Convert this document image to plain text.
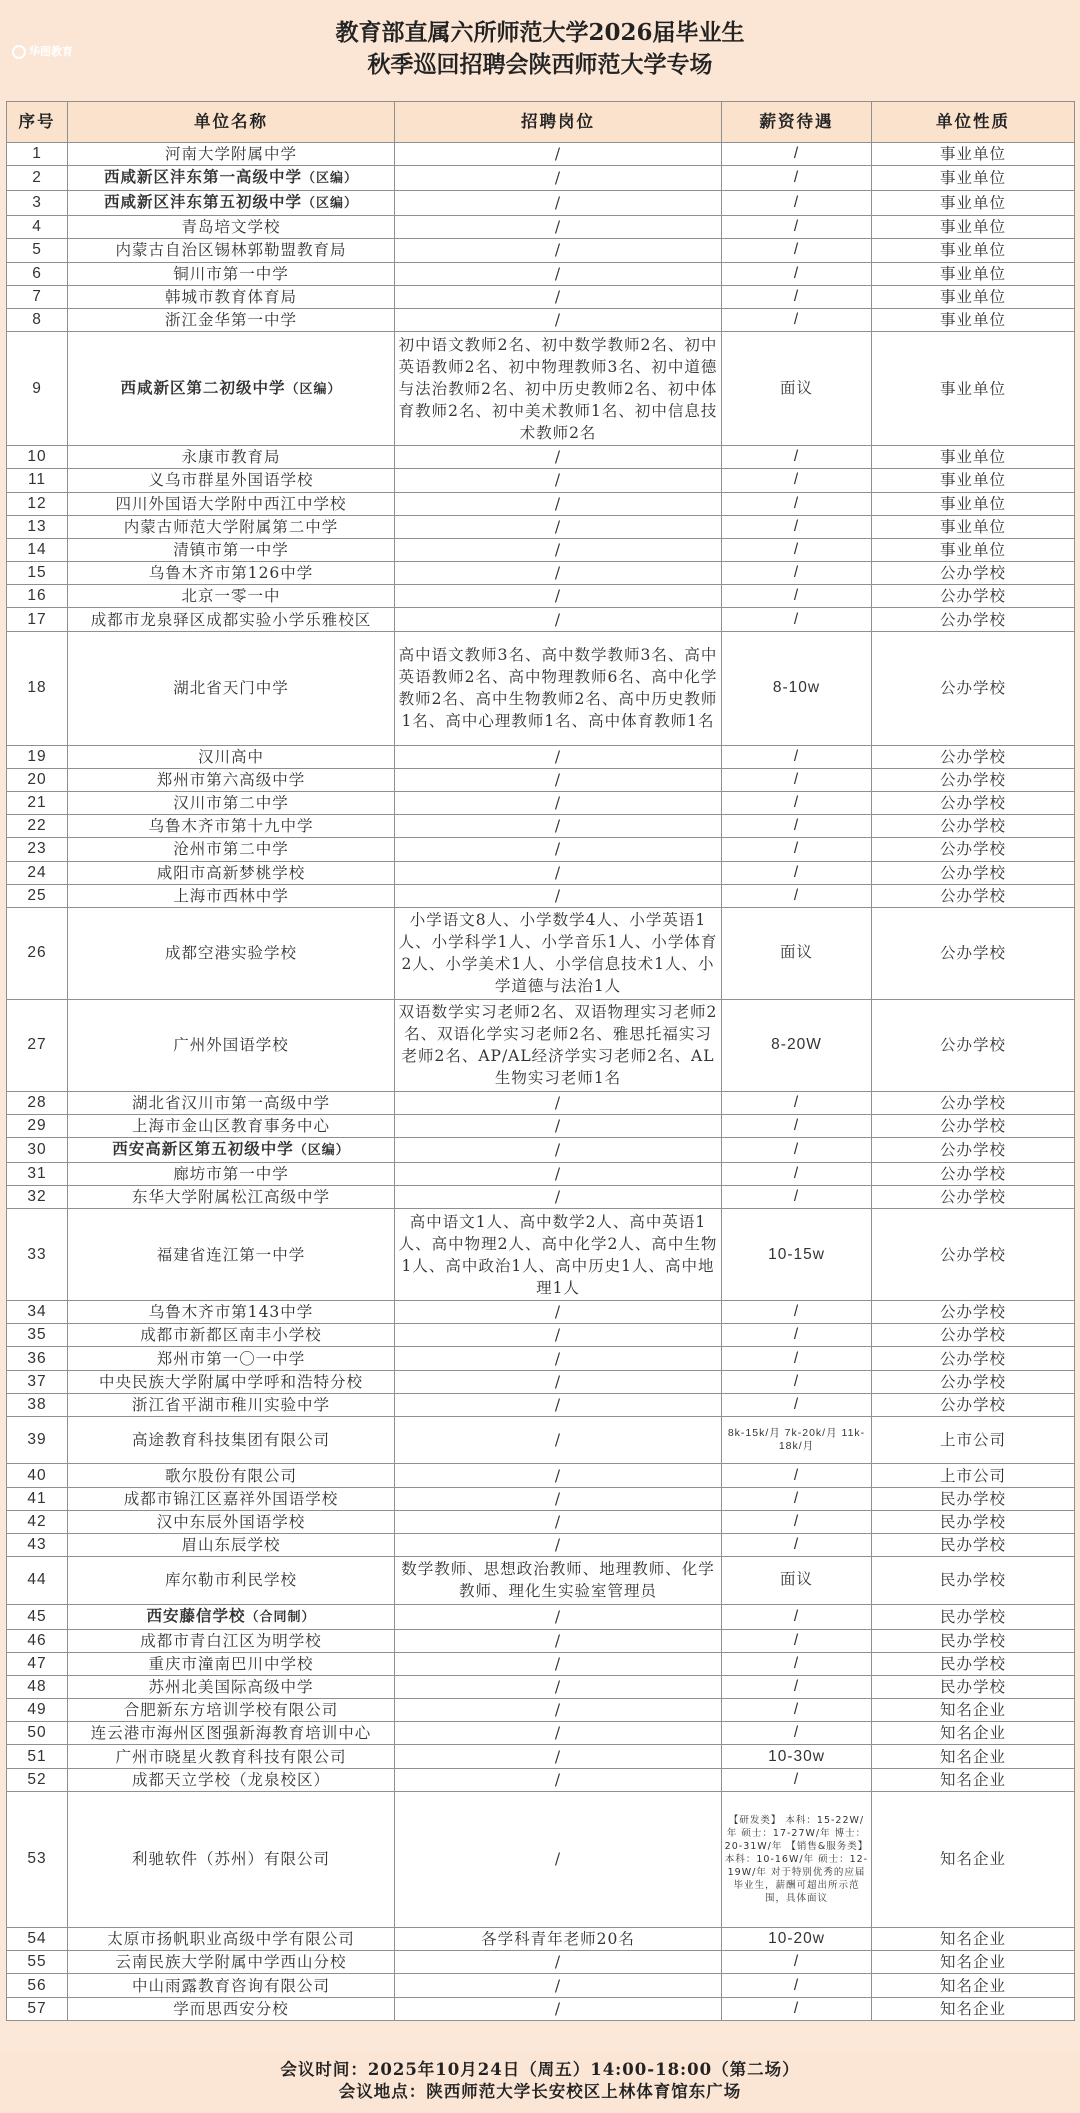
华图教育
教育部直属六所师范大学2026届毕业生
秋季巡回招聘会陕西师范大学专场
序号	单位名称	招聘岗位	薪资待遇	单位性质
1	河南大学附属中学	/	/	事业单位
2	西咸新区沣东第一高级中学（区编）	/	/	事业单位
3	西咸新区沣东第五初级中学（区编）	/	/	事业单位
4	青岛培文学校	/	/	事业单位
5	内蒙古自治区锡林郭勒盟教育局	/	/	事业单位
6	铜川市第一中学	/	/	事业单位
7	韩城市教育体育局	/	/	事业单位
8	浙江金华第一中学	/	/	事业单位
9	西咸新区第二初级中学（区编）	初中语文教师2名、初中数学教师2名、初中英语教师2名、初中物理教师3名、初中道德与法治教师2名、初中历史教师2名、初中体育教师2名、初中美术教师1名、初中信息技术教师2名	面议	事业单位
10	永康市教育局	/	/	事业单位
11	义乌市群星外国语学校	/	/	事业单位
12	四川外国语大学附中西江中学校	/	/	事业单位
13	内蒙古师范大学附属第二中学	/	/	事业单位
14	清镇市第一中学	/	/	事业单位
15	乌鲁木齐市第126中学	/	/	公办学校
16	北京一零一中	/	/	公办学校
17	成都市龙泉驿区成都实验小学乐雅校区	/	/	公办学校
18	湖北省天门中学	高中语文教师3名、高中数学教师3名、高中英语教师2名、高中物理教师6名、高中化学教师2名、高中生物教师2名、高中历史教师1名、高中心理教师1名、高中体育教师1名	8-10w	公办学校
19	汉川高中	/	/	公办学校
20	郑州市第六高级中学	/	/	公办学校
21	汉川市第二中学	/	/	公办学校
22	乌鲁木齐市第十九中学	/	/	公办学校
23	沧州市第二中学	/	/	公办学校
24	咸阳市高新梦桃学校	/	/	公办学校
25	上海市西林中学	/	/	公办学校
26	成都空港实验学校	小学语文8人、小学数学4人、小学英语1人、小学科学1人、小学音乐1人、小学体育2人、小学美术1人、小学信息技术1人、小学道德与法治1人	面议	公办学校
27	广州外国语学校	双语数学实习老师2名、双语物理实习老师2名、双语化学实习老师2名、雅思托福实习老师2名、AP/AL经济学实习老师2名、AL生物实习老师1名	8-20W	公办学校
28	湖北省汉川市第一高级中学	/	/	公办学校
29	上海市金山区教育事务中心	/	/	公办学校
30	西安高新区第五初级中学（区编）	/	/	公办学校
31	廊坊市第一中学	/	/	公办学校
32	东华大学附属松江高级中学	/	/	公办学校
33	福建省连江第一中学	高中语文1人、高中数学2人、高中英语1人、高中物理2人、高中化学2人、高中生物1人、高中政治1人、高中历史1人、高中地理1人	10-15w	公办学校
34	乌鲁木齐市第143中学	/	/	公办学校
35	成都市新都区南丰小学校	/	/	公办学校
36	郑州市第一〇一中学	/	/	公办学校
37	中央民族大学附属中学呼和浩特分校	/	/	公办学校
38	浙江省平湖市稚川实验中学	/	/	公办学校
39	高途教育科技集团有限公司	/	8k-15k/月 7k-20k/月 11k-18k/月	上市公司
40	歌尔股份有限公司	/	/	上市公司
41	成都市锦江区嘉祥外国语学校	/	/	民办学校
42	汉中东辰外国语学校	/	/	民办学校
43	眉山东辰学校	/	/	民办学校
44	库尔勒市利民学校	数学教师、思想政治教师、地理教师、化学教师、理化生实验室管理员	面议	民办学校
45	西安藤信学校（合同制）	/	/	民办学校
46	成都市青白江区为明学校	/	/	民办学校
47	重庆市潼南巴川中学校	/	/	民办学校
48	苏州北美国际高级中学	/	/	民办学校
49	合肥新东方培训学校有限公司	/	/	知名企业
50	连云港市海州区图强新海教育培训中心	/	/	知名企业
51	广州市晓星火教育科技有限公司	/	10-30w	知名企业
52	成都天立学校（龙泉校区）	/	/	知名企业
53	利驰软件（苏州）有限公司	/	【研发类】 本科：15-22W/年 硕士：17-27W/年 博士：20-31W/年 【销售&服务类】 本科：10-16W/年 硕士：12-19W/年 对于特别优秀的应届毕业生，薪酬可超出所示范围，具体面议	知名企业
54	太原市扬帆职业高级中学有限公司	各学科青年老师20名	10-20w	知名企业
55	云南民族大学附属中学西山分校	/	/	知名企业
56	中山雨露教育咨询有限公司	/	/	知名企业
57	学而思西安分校	/	/	知名企业
会议时间：2025年10月24日（周五）14:00-18:00（第二场）
会议地点：陕西师范大学长安校区上林体育馆东广场
